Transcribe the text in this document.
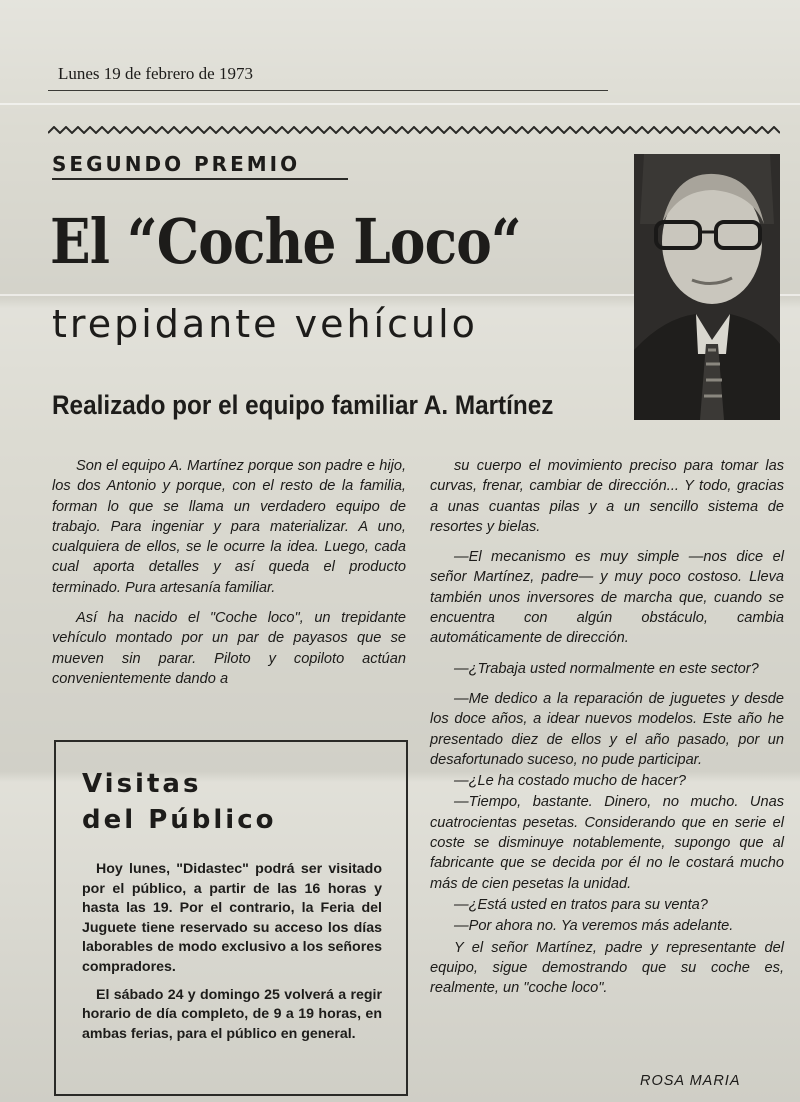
Lunes 19 de febrero de 1973
SEGUNDO PREMIO
El “Coche Loco“
trepidante vehículo
Realizado por el equipo familiar A. Martínez

Son el equipo A. Martínez porque son padre e hijo, los dos Antonio y porque, con el resto de la familia, forman lo que se llama un verdadero equipo de trabajo. Para ingeniar y para materializar. A uno, cualquiera de ellos, se le ocurre la idea. Luego, cada cual aporta detalles y así queda el producto terminado. Pura artesanía familiar.

Así ha nacido el "Coche loco", un trepidante vehículo montado por un par de payasos que se mueven sin parar. Piloto y copiloto actúan convenientemente dando a

su cuerpo el movimiento preciso para tomar las curvas, frenar, cambiar de dirección... Y todo, gracias a unas cuantas pilas y a un sencillo sistema de resortes y bielas.

—El mecanismo es muy simple —nos dice el señor Martínez, padre— y muy poco costoso. Lleva también unos inversores de marcha que, cuando se encuentra con algún obstáculo, cambia automáticamente de dirección.

—¿Trabaja usted normalmente en este sector?

—Me dedico a la reparación de juguetes y desde los doce años, a idear nuevos modelos. Este año he presentado diez de ellos y el año pasado, por un desafortunado suceso, no pude participar.

—¿Le ha costado mucho de hacer?

—Tiempo, bastante. Dinero, no mucho. Unas cuatrocientas pesetas. Considerando que en serie el coste se disminuye notablemente, supongo que al fabricante que se decida por él no le costará mucho más de cien pesetas la unidad.

—¿Está usted en tratos para su venta?

—Por ahora no. Ya veremos más adelante.

Y el señor Martínez, padre y representante del equipo, sigue demostrando que su coche es, realmente, un "coche loco".

ROSA MARIA
Visitas
del Público

Hoy lunes, "Didastec" podrá ser visitado por el público, a partir de las 16 horas y hasta las 19. Por el contrario, la Feria del Juguete tiene reservado su acceso los días laborables de modo exclusivo a los señores compradores.

El sábado 24 y domingo 25 volverá a regir horario de día completo, de 9 a 19 horas, en ambas ferias, para el público en general.
